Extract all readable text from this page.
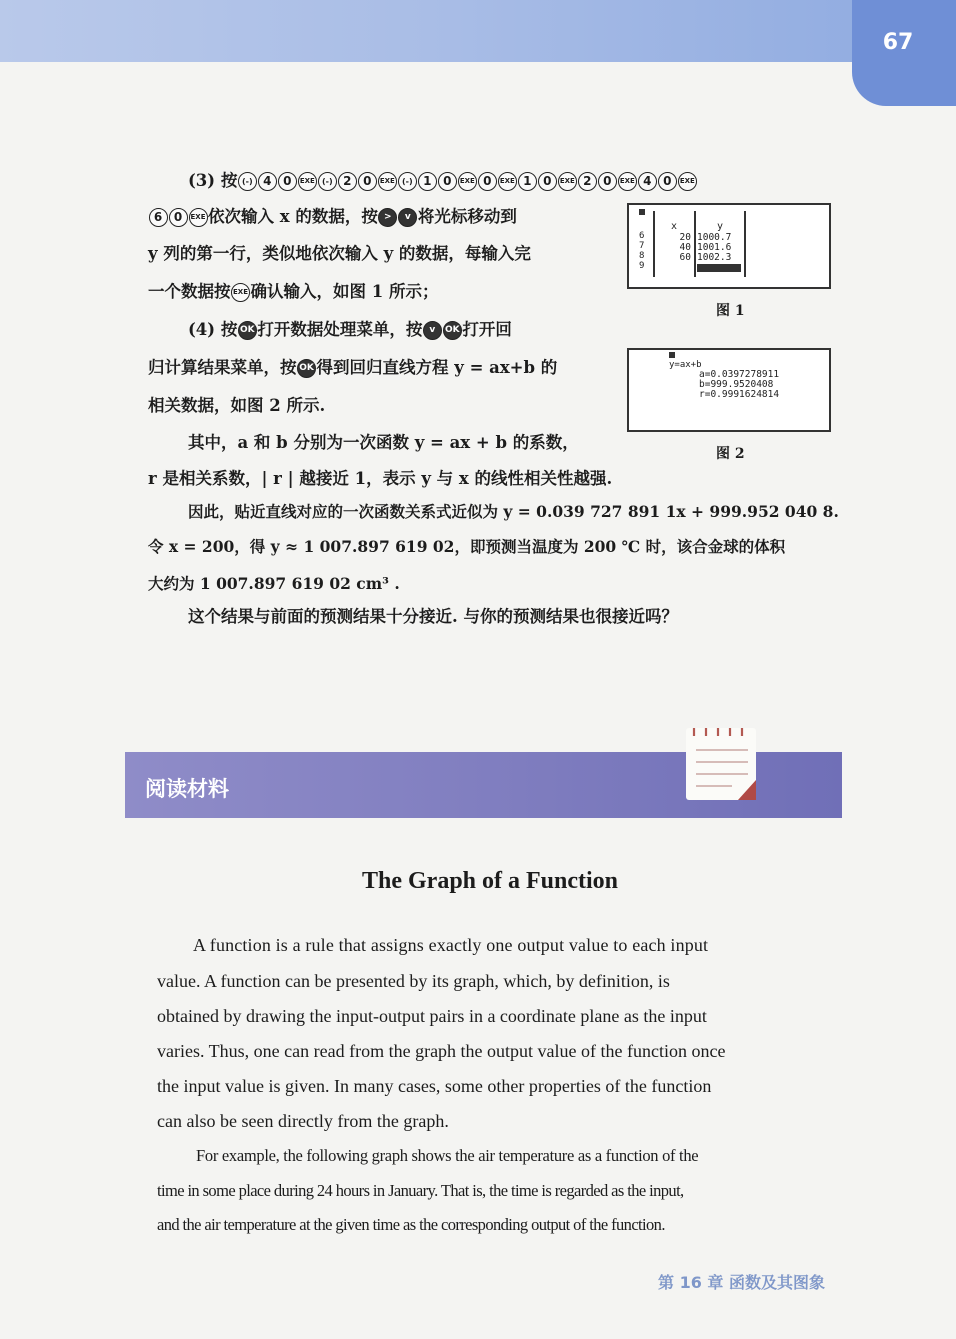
67
(3) 按 (-) 4 0 EXE (-) 2 0 EXE (-) 1 0 EXE 0 EXE 1 0 EXE 2 0 EXE 4 0 EXE
6 0 EXE 依次输入 x 的数据，按 > v 将光标移动到
y 列的第一行，类似地依次输入 y 的数据，每输入完
一个数据按 EXE 确认输入，如图 1 所示；
(4) 按 OK 打开数据处理菜单，按 v OK 打开回
归计算结果菜单，按 OK 得到回归直线方程 y = ax+b 的
相关数据，如图 2 所示.
其中，a 和 b 分别为一次函数 y = ax + b 的系数，
r 是相关系数，| r | 越接近 1，表示 y 与 x 的线性相关性越强.
因此，贴近直线对应的一次函数关系式近似为 y = 0.039 727 891 1x + 999.952 040 8.
令 x = 200，得 y ≈ 1 007.897 619 02，即预测当温度为 200 ℃ 时，该合金球的体积
大约为 1 007.897 619 02 cm³ .
这个结果与前面的预测结果十分接近. 与你的预测结果也很接近吗？
6
7
8
9
x	y
20
40
60
1000.7
1001.6
1002.3
图 1
y=ax+b
a=0.0397278911
b=999.9520408
r=0.9991624814
图 2
阅读材料
The Graph of a Function
A function is a rule that assigns exactly one output value to each input
value. A function can be presented by its graph, which, by definition, is
obtained by drawing the input-output pairs in a coordinate plane as the input
varies. Thus, one can read from the graph the output value of the function once
the input value is given. In many cases, some other properties of the function
can also be seen directly from the graph.
For example, the following graph shows the air temperature as a function of the
time in some place during 24 hours in January. That is, the time is regarded as the input,
and the air temperature at the given time as the corresponding output of the function.
第 16 章 函数及其图象
